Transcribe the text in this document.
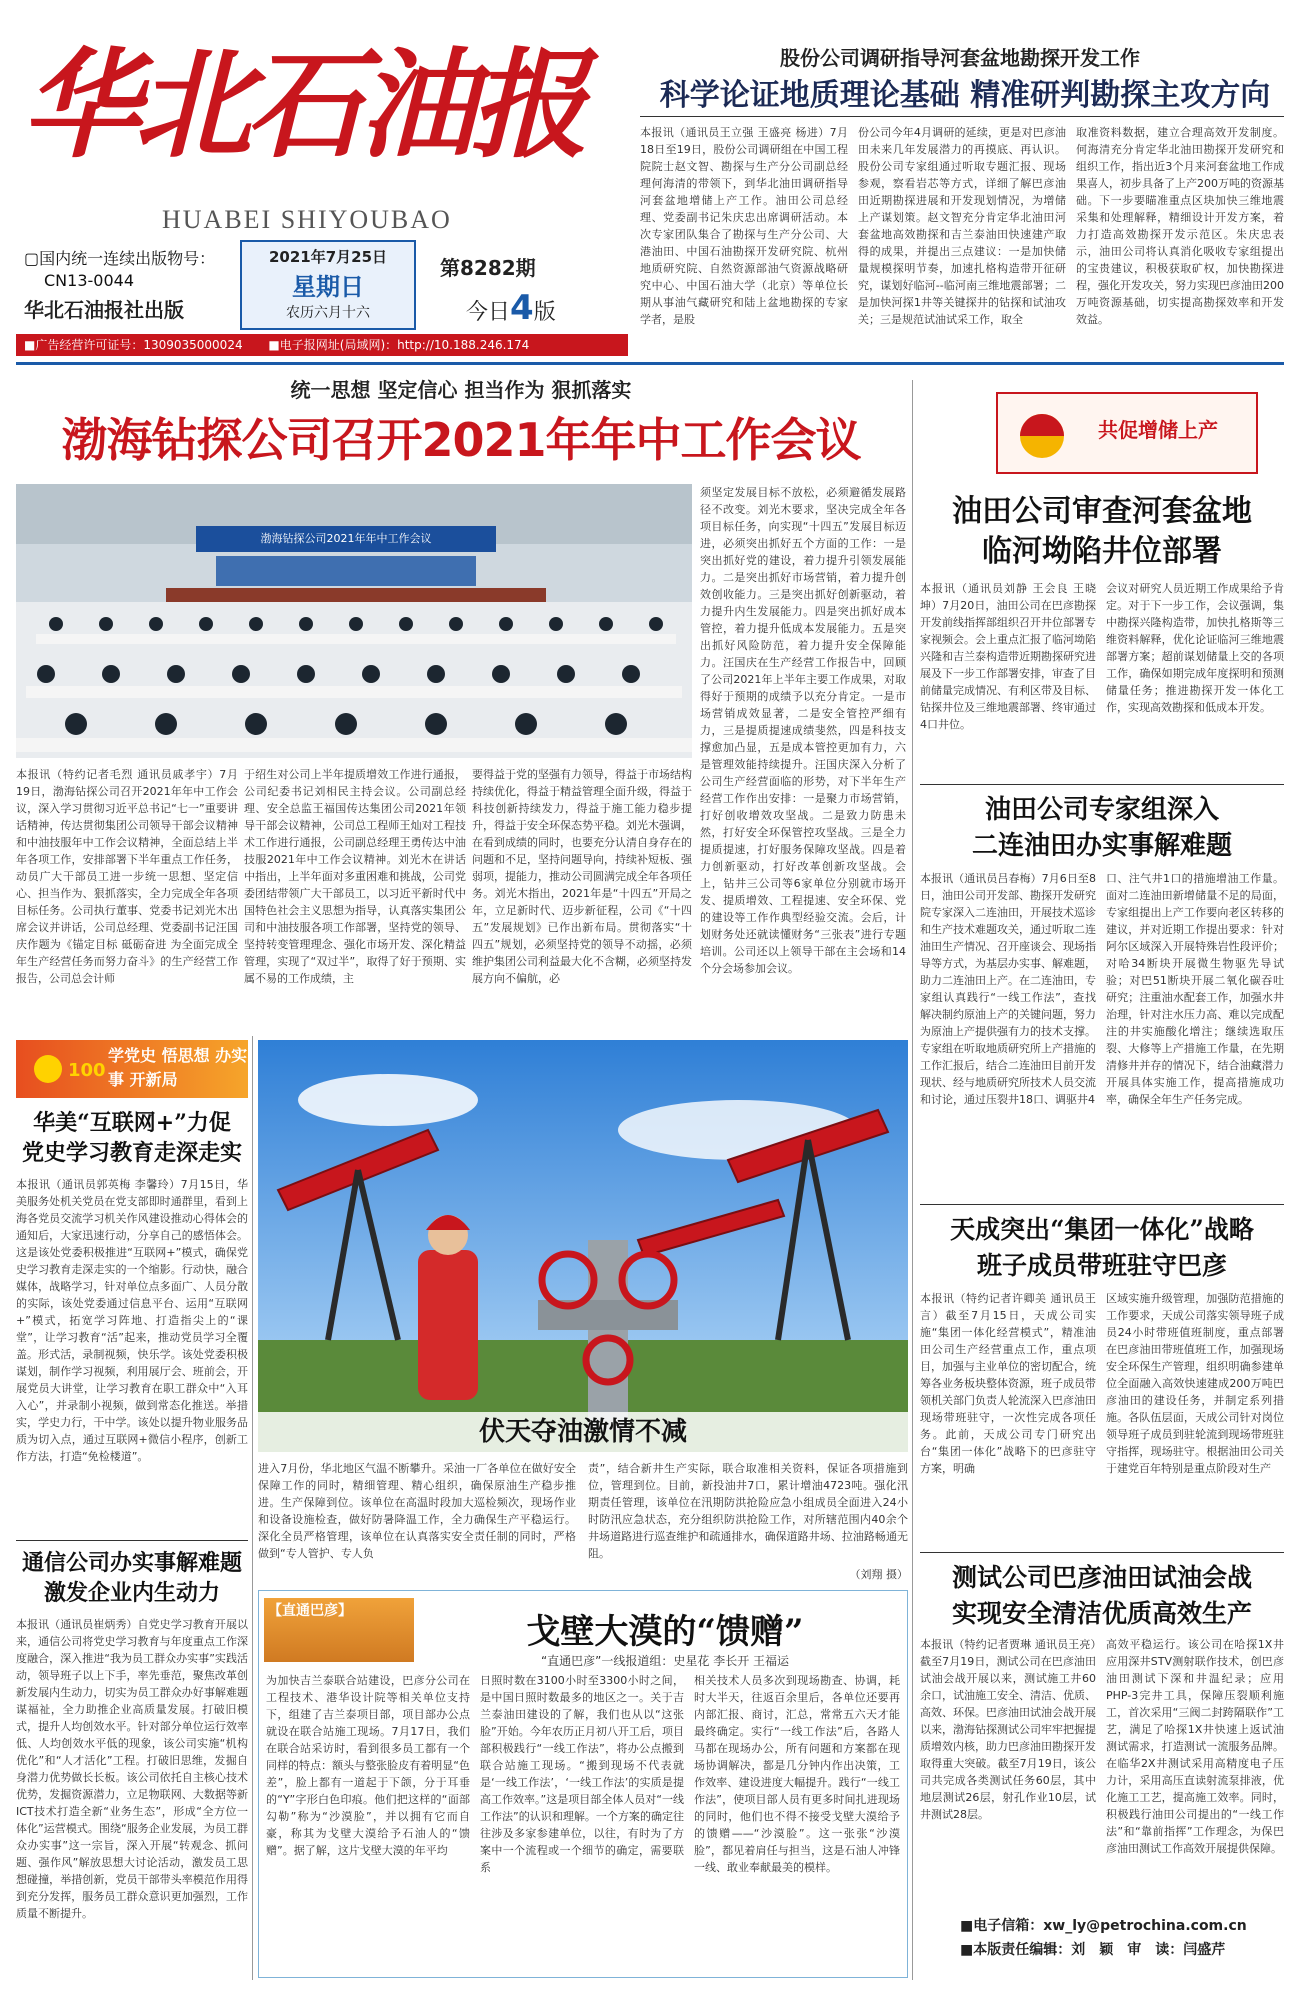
华北石油报
HUABEI SHIYOUBAO
▢国内统一连续出版物号：
CN13-0044
华北石油报社出版
2021年7月25日
星期日
农历六月十六
第8282期
今日4版
■广告经营许可证号：1309035000024 ■电子报网址(局域网)：http://10.188.246.174
股份公司调研指导河套盆地勘探开发工作
科学论证地质理论基础 精准研判勘探主攻方向
本报讯（通讯员王立强 王盛亮 杨进）7月18日至19日，股份公司调研组在中国工程院院士赵文智、勘探与生产分公司副总经理何海清的带领下，到华北油田调研指导河套盆地增储上产工作。油田公司总经理、党委副书记朱庆忠出席调研活动。本次专家团队集合了勘探与生产分公司、大港油田、中国石油勘探开发研究院、杭州地质研究院、自然资源部油气资源战略研究中心、中国石油大学（北京）等单位长期从事油气藏研究和陆上盆地勘探的专家学者，是股
份公司今年4月调研的延续，更是对巴彦油田未来几年发展潜力的再摸底、再认识。股份公司专家组通过听取专题汇报、现场参观，察看岩芯等方式，详细了解巴彦油田近期勘探进展和开发现划情况，为增储上产谋划策。赵文智充分肯定华北油田河套盆地高效勘探和吉兰泰油田快速建产取得的成果，并提出三点建议：一是加快储量规模探明节奏，加速扎格构造带开征研究，谋划好临河--临河南三维地震部署；二是加快河探1井等关键探井的钻探和试油攻关；三是规范试油试采工作，取全
取准资料数据，建立合理高效开发制度。何海清充分肯定华北油田勘探开发研究和组织工作，指出近3个月来河套盆地工作成果喜人，初步具备了上产200万吨的资源基础。下一步要瞄准重点区块加快三维地震采集和处理解释，精细设计开发方案，着力打造高效勘探开发示范区。朱庆忠表示，油田公司将认真消化吸收专家组提出的宝贵建议，积极获取矿权，加快勘探进程，强化开发攻关，努力实现巴彦油田200万吨资源基础，切实提高勘探效率和开发效益。
统一思想 坚定信心 担当作为 狠抓落实
渤海钻探公司召开2021年年中工作会议
渤海钻探公司2021年年中工作会议
须坚定发展目标不放松，必须避循发展路径不改变。刘光木要求，坚决完成全年各项目标任务，向实现“十四五”发展目标迈进，必须突出抓好五个方面的工作：一是突出抓好党的建设，着力提升引领发展能力。二是突出抓好市场营销，着力提升创效创收能力。三是突出抓好创新驱动，着力提升内生发展能力。四是突出抓好成本管控，着力提升低成本发展能力。五是突出抓好风险防范，着力提升安全保障能力。汪国庆在生产经营工作报告中，回顾了公司2021年上半年主要工作成果，对取得好于预期的成绩予以充分肯定。一是市场营销成效显著，二是安全管控严细有力，三是提质提速成绩斐然，四是科技支撑愈加凸显，五是成本管控更加有力，六是管理效能持续提升。汪国庆深入分析了公司生产经营面临的形势，对下半年生产经营工作作出安排：一是聚力市场营销，打好创收增效攻坚战。二是致力防患未然，打好安全环保管控攻坚战。三是全力提质提速，打好服务保障攻坚战。四是着力创新驱动，打好改革创新攻坚战。会上，钻井三公司等6家单位分别就市场开发、提质增效、工程提速、安全环保、党的建设等工作作典型经验交流。会后，计划财务处还就读懂财务“三张表”进行专题培训。公司还以上领导干部在主会场和14个分会场参加会议。
本报讯（特约记者毛烈 通讯员戚孝宇）7月19日，渤海钻探公司召开2021年年中工作会议，深入学习贯彻习近平总书记“七一”重要讲话精神，传达贯彻集团公司领导干部会议精神和中油技服年中工作会议精神，全面总结上半年各项工作，安排部署下半年重点工作任务，动员广大干部员工进一步统一思想、坚定信心、担当作为、狠抓落实，全力完成全年各项目标任务。公司执行董事、党委书记刘光木出席会议并讲话，公司总经理、党委副书记汪国庆作题为《锚定目标 砥砺奋进 为全面完成全年生产经营任务而努力奋斗》的生产经营工作报告，公司总会计师
于绍生对公司上半年提质增效工作进行通报，公司纪委书记刘相民主持会议。公司副总经理、安全总监王福国传达集团公司2021年领导干部会议精神，公司总工程师王灿对工程技术工作进行通报，公司副总经理王勇传达中油技服2021年中工作会议精神。刘光木在讲话中指出，上半年面对多重困难和挑战，公司党委团结带领广大干部员工，以习近平新时代中国特色社会主义思想为指导，认真落实集团公司和中油技服各项工作部署，坚持党的领导、坚持转变管理理念、强化市场开发、深化精益管理，实现了“双过半”，取得了好于预期、实属不易的工作成绩，主
要得益于党的坚强有力领导，得益于市场结构持续优化，得益于精益管理全面升级，得益于科技创新持续发力，得益于施工能力稳步提升，得益于安全环保态势平稳。刘光木强调，在看到成绩的同时，也要充分认清自身存在的问题和不足，坚持问题导向，持续补短板、强弱项，提能力，推动公司圆满完成全年各项任务。刘光木指出，2021年是“十四五”开局之年，立足新时代、迈步新征程，公司《“十四五”发展规划》已作出新布局。贯彻落实“十四五”规划，必须坚持党的领导不动摇，必须维护集团公司利益最大化不含糊，必须坚持发展方向不偏航，必
共促增储上产
油田公司审查河套盆地
临河坳陷井位部署
本报讯（通讯员刘静 王会良 王晓坤）7月20日，油田公司在巴彦勘探开发前线指挥部组织召开井位部署专家视频会。会上重点汇报了临河坳陷兴隆和吉兰泰构造带近期勘探研究进展及下一步工作部署安排，审查了目前储量完成情况、有利区带及目标、钻探井位及三维地震部署、终审通过4口井位。
会议对研究人员近期工作成果给予肯定。对于下一步工作，会议强调，集中勘探兴隆构造带，加快扎格斯等三维资料解释，优化论证临河三维地震部署方案；超前谋划储量上交的各项工作，确保如期完成年度探明和预测储量任务；推进勘探开发一体化工作，实现高效勘探和低成本开发。
油田公司专家组深入
二连油田办实事解难题
本报讯（通讯员吕春梅）7月6日至8日，油田公司开发部、勘探开发研究院专家深入二连油田，开展技术巡诊和生产技术难题攻关，通过听取二连油田生产情况、召开座谈会、现场指导等方式，为基层办实事、解难题，助力二连油田上产。在二连油田，专家组认真践行“一线工作法”，查找解决制约原油上产的关键问题，努力为原油上产提供强有力的技术支撑。专家组在听取地质研究所上产措施的工作汇报后，结合二连油田目前开发现状、经与地质研究所技术人员交流和讨论，通过压裂井18口、调驱井4
口、注气井1口的措施增油工作量。面对二连油田新增储量不足的局面，专家组提出上产工作要向老区转移的建议，并对近期工作提出要求：针对阿尔区域深入开展特殊岩性段评价；对哈34断块开展微生物驱先导试验；对巴51断块开展二氧化碳吞吐研究；注重油水配套工作，加强水井治理，针对注水压力高、难以完成配注的井实施酸化增注；继续选取压裂、大修等上产措施工作量，在先期清修井并存的情况下，结合油藏潜力开展具体实施工作，提高措施成功率，确保全年生产任务完成。
天成突出“集团一体化”战略
班子成员带班驻守巴彦
本报讯（特约记者许卿美 通讯员王言）截至7月15日，天成公司实施“集团一体化经营模式”，精准油田公司生产经营重点工作，重点项目，加强与主业单位的密切配合，统筹各业务板块整体资源，班子成员带领机关部门负责人轮流深入巴彦油田现场带班驻守，一次性完成各项任务。此前，天成公司专门研究出台“集团一体化”战略下的巴彦驻守方案，明确
区域实施升级管理，加强防范措施的工作要求，天成公司落实领导班子成员24小时带班值班制度，重点部署在巴彦油田带班值班工作，加强现场安全环保生产管理，组织明确参建单位全面融入高效快速建成200万吨巴彦油田的建设任务，并制定系列措施。各队伍层面，天成公司针对岗位领导班子成员到驻轮流到现场带班驻守指挥，现场驻守。根据油田公司关于建党百年特别是重点阶段对生产
测试公司巴彦油田试油会战
实现安全清洁优质高效生产
本报讯（特约记者贾琳 通讯员王亮）截至7月19日，测试公司在巴彦油田试油会战开展以来，测试施工井60余口，试油施工安全、清洁、优质、高效、环保。巴彦油田试油会战开展以来，渤海钻探测试公司牢牢把握提质增效内核，助力巴彦油田勘探开发取得重大突破。截至7月19日，该公司共完成各类测试任务60层，其中地层测试26层，射孔作业10层，试井测试28层。
高效平稳运行。该公司在哈探1X井应用深井STV测射联作技术，创巴彦油田测试下深和井温纪录；应用PHP-3完井工具，保障压裂顺利施工，首次采用“三阀二封跨隔联作”工艺，满足了哈探1X井快速上返试油测试需求，打造测试一流服务品牌。在临华2X井测试采用高精度电子压力计，采用高压直读射流泵排液，优化施工工艺，提高施工效率。同时，积极践行油田公司提出的“一线工作法”和“靠前指挥”工作理念，为保巴彦油田测试工作高效开展提供保障。
■电子信箱：xw_ly@petrochina.com.cn
■本版责任编辑：刘　颖　审　读：闫盛芹
100
学党史 悟思想 办实事 开新局
华美“互联网+”力促
党史学习教育走深走实
本报讯（通讯员郭英梅 李馨玲）7月15日，华美服务处机关党员在党支部即时通群里，看到上海各党员交流学习机关作风建设推动心得体会的通知后，大家迅速行动，分享自己的感悟体会。这是该处党委积极推进“互联网+”模式，确保党史学习教育走深走实的一个缩影。行动快，融合媒体，战略学习，针对单位点多面广、人员分散的实际，该处党委通过信息平台、运用“互联网+”模式，拓宽学习阵地、打造指尖上的“课堂”，让学习教育“活”起来，推动党员学习全覆盖。形式活，录制视频，快乐学。该处党委积极谋划，制作学习视频，利用展厅会、班前会，开展党员大讲堂，让学习教育在职工群众中“入耳入心”，并录制小视频，做到常态化推送。举措实，学史力行，干中学。该处以提升物业服务品质为切入点，通过互联网+微信小程序，创新工作方法，打造“免检楼道”。
通信公司办实事解难题
激发企业内生动力
本报讯（通讯员崔炳秀）自党史学习教育开展以来，通信公司将党史学习教育与年度重点工作深度融合，深入推进“我为员工群众办实事”实践活动，领导班子以上下手，率先垂范，聚焦改革创新发展内生动力，切实为员工群众办好事解难题谋福祉，全力助推企业高质量发展。打破旧模式，提升人均创效水平。针对部分单位运行效率低、人均创效水平低的现象，该公司实施“机构优化”和“人才活化”工程。打破旧思维，发掘自身潜力优势做长长板。该公司依托自主核心技术优势，发掘资源潜力，立足物联网、大数据等新ICT技术打造全新“业务生态”，形成“全方位一体化”运营模式。围绕“服务企业发展，为员工群众办实事”这一宗旨，深入开展“转观念、抓问题、强作风”解放思想大讨论活动，激发员工思想碰撞，举措创新，党员干部带头率模范作用得到充分发挥，服务员工群众意识更加强烈，工作质量不断提升。
伏天夺油激情不减
进入7月份，华北地区气温不断攀升。采油一厂各单位在做好安全保障工作的同时，精细管理、精心组织，确保原油生产稳步推进。生产保障到位。该单位在高温时段加大巡检频次，现场作业和设备设施检查，做好防暑降温工作，全力确保生产平稳运行。深化全员严格管理，该单位在认真落实安全责任制的同时，严格做到“专人管护、专人负
责”，结合新井生产实际，联合取准相关资料，保证各项措施到位，管理到位。目前，新投油井7口，累计增油4723吨。强化汛期责任管理，该单位在汛期防洪抢险应急小组成员全面进入24小时防汛应急状态，充分组织防洪抢险工作，对所辖范围内40余个井场道路进行巡查维护和疏通排水，确保道路井场、拉油路畅通无阻。
（刘翔 摄）
【直通巴彦】
戈壁大漠的“馈赠”
“直通巴彦”一线报道组：史星花 李长开 王福运
为加快吉兰泰联合站建设，巴彦分公司在工程技术、港华设计院等相关单位支持下，组建了吉兰泰项目部，项目部办公点就设在联合站施工现场。7月17日，我们在联合站采访时，看到很多员工都有一个同样的特点：额头与整张脸皮有着明显“色差”，脸上都有一道起于下颌，分于耳垂的“Y”字形白色印痕。他们把这样的“面部勾勒”称为“沙漠脸”，并以拥有它而自豪，称其为戈壁大漠给予石油人的“馈赠”。据了解，这片戈壁大漠的年平均
日照时数在3100小时至3300小时之间，是中国日照时数最多的地区之一。关于吉兰泰油田建设的了解，我们也从以“这张脸”开始。今年农历正月初八开工后，项目部积极践行“一线工作法”，将办公点搬到联合站施工现场。“搬到现场不代表就是‘一线工作法’，‘一线工作法’的实质是提高工作效率。”这是项目部全体人员对“一线工作法”的认识和理解。一个方案的确定往往涉及多家参建单位，以往，有时为了方案中一个流程或一个细节的确定，需要联系
相关技术人员多次到现场勘查、协调，耗时大半天，往返百余里后，各单位还要再内部汇报、商讨，汇总，常常五六天才能最终确定。实行“一线工作法”后，各路人马都在现场办公，所有问题和方案都在现场协调解决，都是几分钟内作出决策，工作效率、建设进度大幅提升。践行“一线工作法”，使项目部人员有更多时间扎进现场的同时，他们也不得不接受戈壁大漠给予的馈赠——“沙漠脸”。这一张张“沙漠脸”，都见着肩任与担当，这是石油人冲锋一线、敢业奉献最美的模样。
